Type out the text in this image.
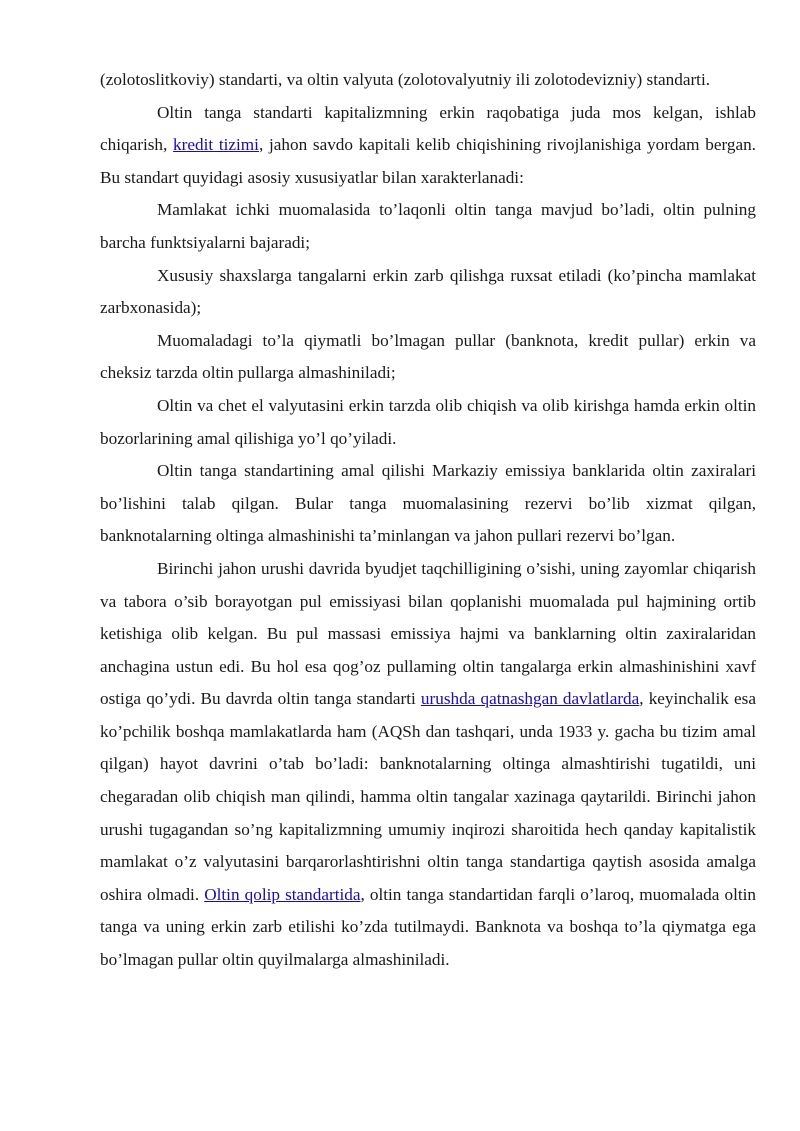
(zolotoslitkoviy) standarti, va oltin valyuta (zolotovalyutniy ili zolotodevizniy) standarti.

Oltin tanga standarti kapitalizmning erkin raqobatiga juda mos kelgan, ishlab chiqarish, kredit tizimi, jahon savdo kapitali kelib chiqishining rivojlanishiga yordam bergan. Bu standart quyidagi asosiy xususiyatlar bilan xarakterlanadi:

Mamlakat ichki muomalasida to’laqonli oltin tanga mavjud bo’ladi, oltin pulning barcha funktsiyalarni bajaradi;

Xususiy shaxslarga tangalarni erkin zarb qilishga ruxsat etiladi (ko’pincha mamlakat zarbxonasida);

Muomaladagi to’la qiymatli bo’lmagan pullar (banknota, kredit pullar) erkin va cheksiz tarzda oltin pullarga almashiniladi;

Oltin va chet el valyutasini erkin tarzda olib chiqish va olib kirishga hamda erkin oltin bozorlarining amal qilishiga yo’l qo’yiladi.

Oltin tanga standartining amal qilishi Markaziy emissiya banklarida oltin zaxiralari bo’lishini talab qilgan. Bular tanga muomalasining rezervi bo’lib xizmat qilgan, banknotalarning oltinga almashinishi ta’minlangan va jahon pullari rezervi bo’lgan.

Birinchi jahon urushi davrida byudjet taqchilligining o’sishi, uning zayomlar chiqarish va tabora o’sib borayotgan pul emissiyasi bilan qoplanishi muomalada pul hajmining ortib ketishiga olib kelgan. Bu pul massasi emissiya hajmi va banklarning oltin zaxiralaridan anchagina ustun edi. Bu hol esa qog’oz pullaming oltin tangalarga erkin almashinishini xavf ostiga qo’ydi. Bu davrda oltin tanga standarti urushda qatnashgan davlatlarda, keyinchalik esa ko’pchilik boshqa mamlakatlarda ham (AQSh dan tashqari, unda 1933 y. gacha bu tizim amal qilgan) hayot davrini o’tab bo’ladi: banknotalarning oltinga almashtirishi tugatildi, uni chegaradan olib chiqish man qilindi, hamma oltin tangalar xazinaga qaytarildi. Birinchi jahon urushi tugagandan so’ng kapitalizmning umumiy inqirozi sharoitida hech qanday kapitalistik mamlakat o’z valyutasini barqarorlashtirishni oltin tanga standartiga qaytish asosida amalga oshira olmadi. Oltin qolip standartida, oltin tanga standartidan farqli o’laroq, muomalada oltin tanga va uning erkin zarb etilishi ko’zda tutilmaydi. Banknota va boshqa to’la qiymatga ega bo’lmagan pullar oltin quyilmalarga almashiniladi.
